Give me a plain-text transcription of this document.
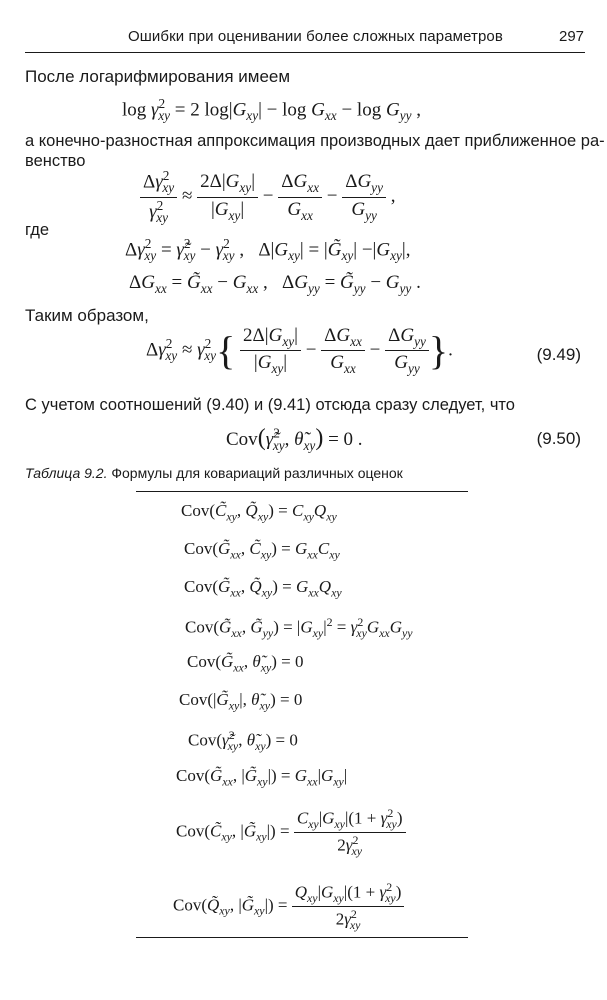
Ошибки при оценивании более сложных параметров	297
После логарифмирования имеем
$\log \gamma^2_{xy} = 2$ $\log|G_{xy}| - \log G_{xx} - \log G_{yy}$ ,
а конечно-разностная аппроксимация производных дает приближенное ра-
венство
$\frac{\Delta\gamma^2_{xy}}{\gamma^2_{xy}} \approx \frac{2\Delta|G_{xy}|}{|G_{xy}|} - \frac{\Delta G_{xx}}{G_{xx}} - \frac{\Delta G_{yy}}{G_{yy}}$ ,
где
$\Delta\gamma^2_{xy}$ = γ̃$^2_{xy}$ − $\gamma^2_{xy}$ ,   $\Delta|G_{xy}|$ = $|G̃_{xy}| -|G_{xy}|$,
$\Delta G_{xx}$ = $G̃_{xx} - G_{xx}$ ,   $\Delta G_{yy}$ = $G̃_{yy} - G_{yy}$ .
Таким образом,
$\Delta\gamma^2_{xy} \approx \gamma^2_{xy}\{ \frac{2\Delta|G_{xy}|}{|G_{xy}|} - \frac{\Delta G_{xx}}{G_{xx}} - \frac{\Delta G_{yy}}{G_{yy}}$ }.	(9.49)
С учетом соотношений (9.40) и (9.41) отсюда сразу следует, что
Cov(γ̃$^2_{xy}$, $\thetã_{xy}) = 0$ .	(9.50)
Таблица 9.2. Формулы для ковариаций различных оценок
$Cov(C̃_{xy}$, $Q̃_{xy}) = C_{xy}Q_{xy}$
$Cov(G̃_{xx}$, $C̃_{xy}) = G_{xx}C_{xy}$
$Cov(G̃_{xx}$, $Q̃_{xy}) = G_{xx}Q_{xy}$
$Cov(G̃_{xx}$, $G̃_{yy}) = |G_{xy}|^2 = \gamma^2_{xy}G_{xx}G_{yy}$
$Cov(G̃_{xx}$, $\thetã_{xy}) = 0$
$Cov(|G̃_{xy}|$, $\thetã_{xy}) = 0$
Cov(γ̃$^2_{xy}$, $\thetã_{xy}) = 0$
$Cov(G̃_{xx}$, $|G̃_{xy}|) = G_{xx}|G_{xy}|$
$Cov(C̃_{xy}$, $|G̃_{xy}|) = \frac{C_{xy}|G_{xy}|(1 + \gamma^2_{xy})}{2\gamma^2_{xy}}$
$Cov(Q̃_{xy}$, $|G̃_{xy}|) = \frac{Q_{xy}|G_{xy}|(1 + \gamma^2_{xy})}{2\gamma^2_{xy}}$
